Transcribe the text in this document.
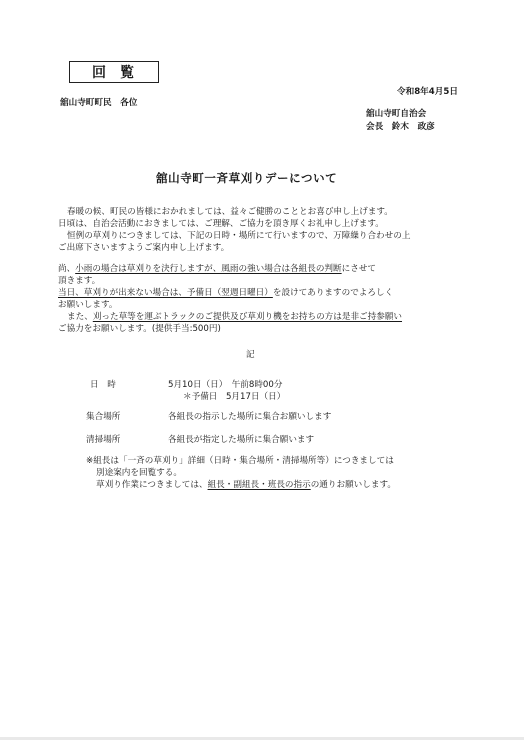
回覧
令和8年4月5日
舘山寺町町民　各位
舘山寺町自治会
会長　鈴木　政彦
舘山寺町一斉草刈りデーについて
春暖の候、町民の皆様におかれましては、益々ご健勝のこととお喜び申し上げます。
日頃は、自治会活動におきましては、ご理解、ご協力を頂き厚くお礼申し上げます。
恒例の草刈りにつきましては、下記の日時・場所にて行いますので、万障繰り合わせの上
ご出席下さいますようご案内申し上げます。
尚、小雨の場合は草刈りを決行しますが、風雨の強い場合は各組長の判断にさせて
頂きます。
当日、草刈りが出来ない場合は、予備日（翌週日曜日）を設けてありますのでよろしく
お願いします。
また、刈った草等を運ぶトラックのご提供及び草刈り機をお持ちの方は是非ご持参願い
ご協力をお願いします。(提供手当:500円)
記
日　時	5月10日（日）　午前8時00分
＊予備日　5月17日（日）
集合場所	各組長の指示した場所に集合お願いします
清掃場所	各組長が指定した場所に集合願います
※組長は「一斉の草刈り」詳細（日時・集合場所・清掃場所等）につきましては
別途案内を回覧する。
草刈り作業につきましては、組長・副組長・班長の指示の通りお願いします。
